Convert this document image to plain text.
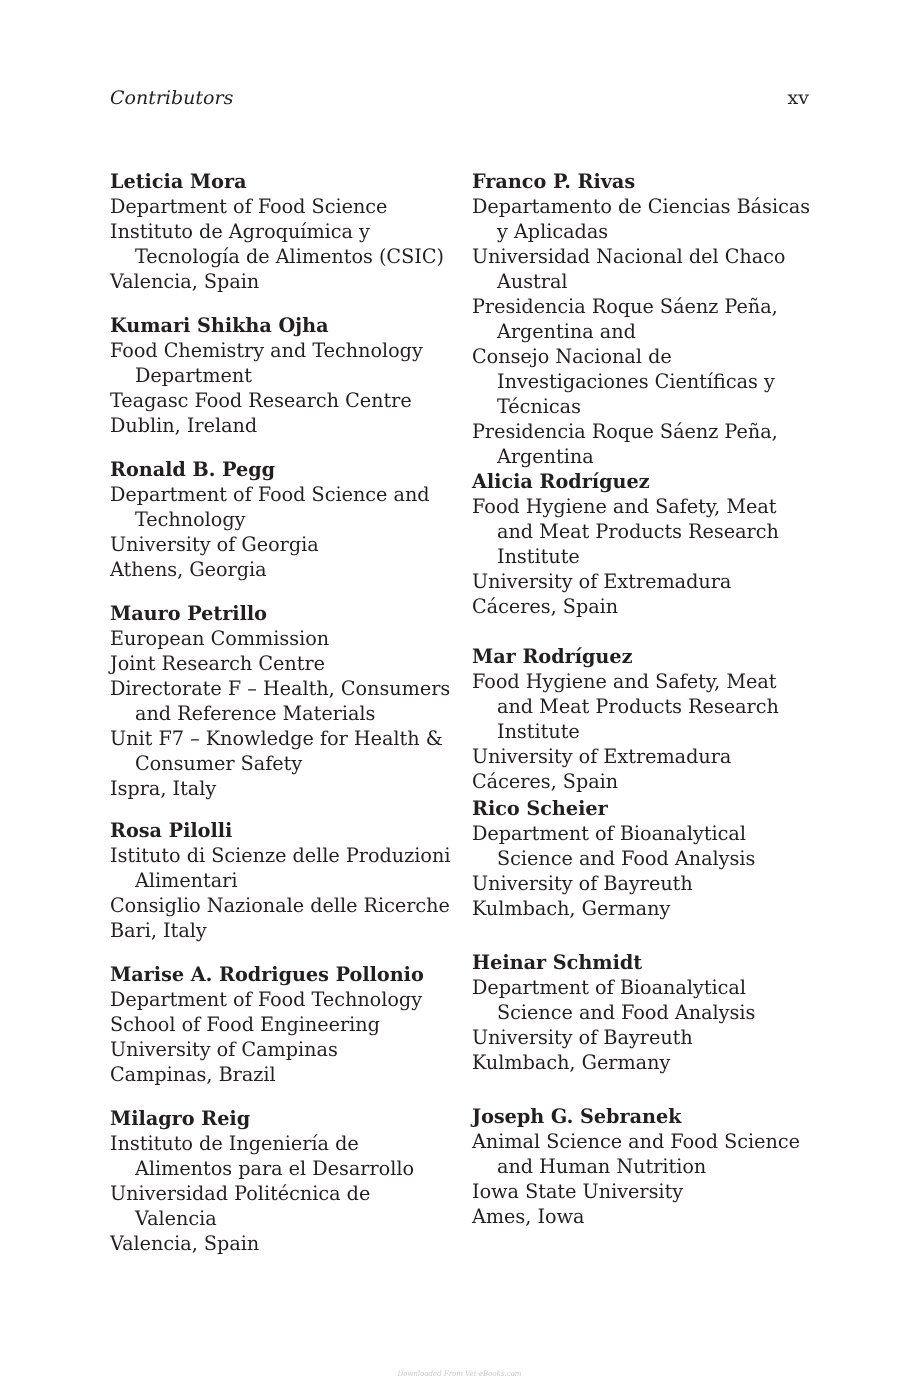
Contributors	xv
Leticia Mora
Department of Food Science
Instituto de Agroquímica y Tecnología de Alimentos (CSIC)
Valencia, Spain
Kumari Shikha Ojha
Food Chemistry and Technology Department
Teagasc Food Research Centre
Dublin, Ireland
Ronald B. Pegg
Department of Food Science and Technology
University of Georgia
Athens, Georgia
Mauro Petrillo
European Commission
Joint Research Centre
Directorate F – Health, Consumers and Reference Materials
Unit F7 – Knowledge for Health & Consumer Safety
Ispra, Italy
Rosa Pilolli
Istituto di Scienze delle Produzioni Alimentari
Consiglio Nazionale delle Ricerche
Bari, Italy
Marise A. Rodrigues Pollonio
Department of Food Technology
School of Food Engineering
University of Campinas
Campinas, Brazil
Milagro Reig
Instituto de Ingeniería de Alimentos para el Desarrollo
Universidad Politécnica de Valencia
Valencia, Spain
Franco P. Rivas
Departamento de Ciencias Básicas y Aplicadas
Universidad Nacional del Chaco Austral
Presidencia Roque Sáenz Peña, Argentina and
Consejo Nacional de Investigaciones Científicas y Técnicas
Presidencia Roque Sáenz Peña, Argentina
Alicia Rodríguez
Food Hygiene and Safety, Meat and Meat Products Research Institute
University of Extremadura
Cáceres, Spain
Mar Rodríguez
Food Hygiene and Safety, Meat and Meat Products Research Institute
University of Extremadura
Cáceres, Spain
Rico Scheier
Department of Bioanalytical Science and Food Analysis
University of Bayreuth
Kulmbach, Germany
Heinar Schmidt
Department of Bioanalytical Science and Food Analysis
University of Bayreuth
Kulmbach, Germany
Joseph G. Sebranek
Animal Science and Food Science and Human Nutrition
Iowa State University
Ames, Iowa
Downloaded From Vet-eBooks.com
